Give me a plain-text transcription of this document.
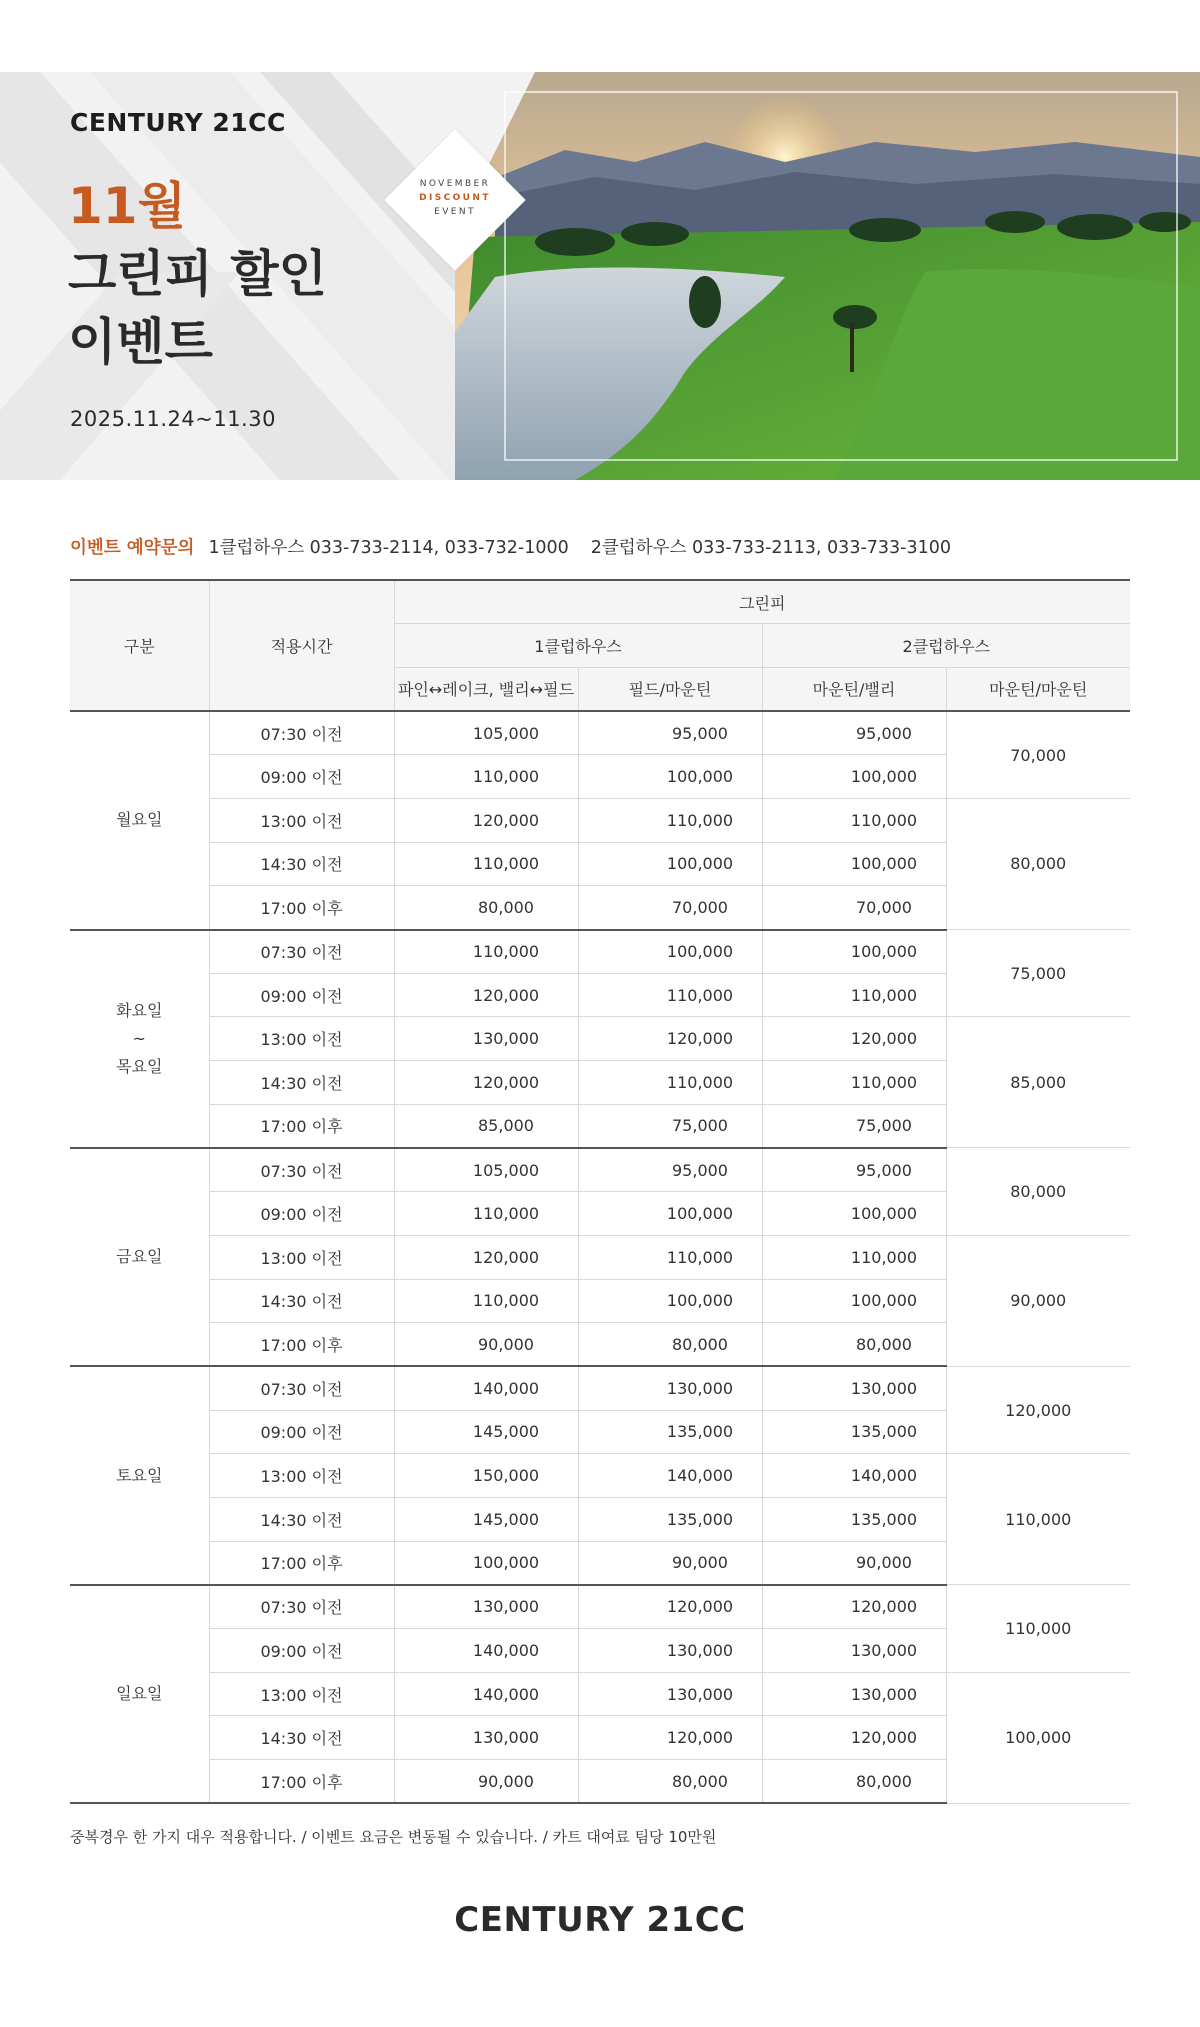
CENTURY 21CC
11월
그린피 할인
이벤트
2025.11.24~11.30
NOVEMBER
DISCOUNT
EVENT
이벤트 예약문의 1클럽하우스 033-733-2114, 033-732-1000 2클럽하우스 033-733-2113, 033-733-3100
구분	적용시간	그린피			
		1클럽하우스		2클럽하우스	
		파인↔레이크, 밸리↔필드	필드/마운틴	마운틴/밸리	마운틴/마운틴
월요일	07:30 이전	105,000	95,000	95,000	70,000
	09:00 이전	110,000	100,000	100,000	
	13:00 이전	120,000	110,000	110,000	80,000
	14:30 이전	110,000	100,000	100,000	
	17:00 이후	80,000	70,000	70,000	
화요일
~
목요일	07:30 이전	110,000	100,000	100,000	75,000
	09:00 이전	120,000	110,000	110,000	
	13:00 이전	130,000	120,000	120,000	85,000
	14:30 이전	120,000	110,000	110,000	
	17:00 이후	85,000	75,000	75,000	
금요일	07:30 이전	105,000	95,000	95,000	80,000
	09:00 이전	110,000	100,000	100,000	
	13:00 이전	120,000	110,000	110,000	90,000
	14:30 이전	110,000	100,000	100,000	
	17:00 이후	90,000	80,000	80,000	
토요일	07:30 이전	140,000	130,000	130,000	120,000
	09:00 이전	145,000	135,000	135,000	
	13:00 이전	150,000	140,000	140,000	110,000
	14:30 이전	145,000	135,000	135,000	
	17:00 이후	100,000	90,000	90,000	
일요일	07:30 이전	130,000	120,000	120,000	110,000
	09:00 이전	140,000	130,000	130,000	
	13:00 이전	140,000	130,000	130,000	100,000
	14:30 이전	130,000	120,000	120,000	
	17:00 이후	90,000	80,000	80,000	
중복경우 한 가지 대우 적용합니다. / 이벤트 요금은 변동될 수 있습니다. / 카트 대여료 팀당 10만원
CENTURY 21CC
